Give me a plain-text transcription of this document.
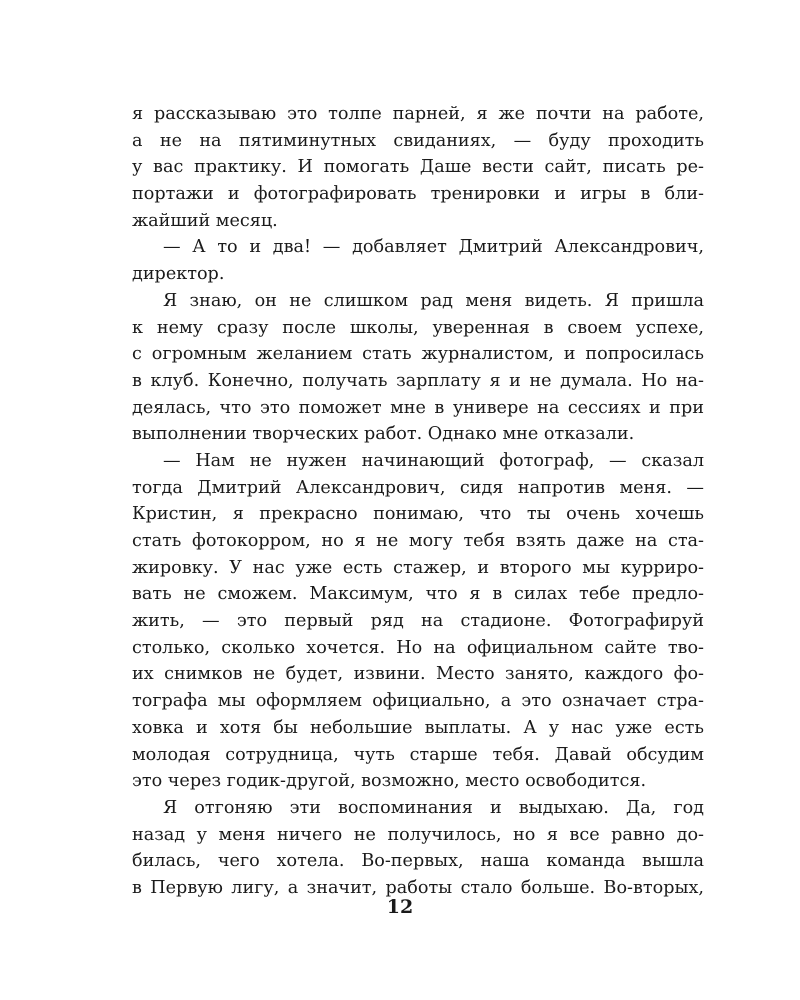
я рассказываю это толпе парней, я же почти на работе,
а не на пятиминутных свиданиях, — буду проходить
у вас практику. И помогать Даше вести сайт, писать ре-
портажи и фотографировать тренировки и игры в бли-
жайший месяц.
— А то и два! — добавляет Дмитрий Александрович,
директор.
Я знаю, он не слишком рад меня видеть. Я пришла
к нему сразу после школы, уверенная в своем успехе,
с огромным желанием стать журналистом, и попросилась
в клуб. Конечно, получать зарплату я и не думала. Но на-
деялась, что это поможет мне в универе на сессиях и при
выполнении творческих работ. Однако мне отказали.
— Нам не нужен начинающий фотограф, — сказал
тогда Дмитрий Александрович, сидя напротив меня. —
Кристин, я прекрасно понимаю, что ты очень хочешь
стать фотокорром, но я не могу тебя взять даже на ста-
жировку. У нас уже есть стажер, и второго мы курриро-
вать не сможем. Максимум, что я в силах тебе предло-
жить, — это первый ряд на стадионе. Фотографируй
столько, сколько хочется. Но на официальном сайте тво-
их снимков не будет, извини. Место занято, каждого фо-
тографа мы оформляем официально, а это означает стра-
ховка и хотя бы небольшие выплаты. А у нас уже есть
молодая сотрудница, чуть старше тебя. Давай обсудим
это через годик-другой, возможно, место освободится.
Я отгоняю эти воспоминания и выдыхаю. Да, год
назад у меня ничего не получилось, но я все равно до-
билась, чего хотела. Во-первых, наша команда вышла
в Первую лигу, а значит, работы стало больше. Во-вторых,
12
